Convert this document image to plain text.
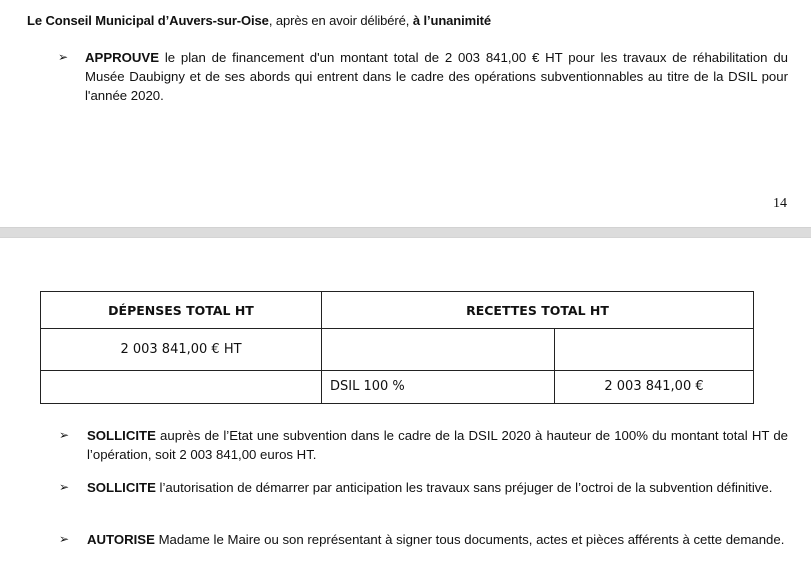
Le Conseil Municipal d’Auvers-sur-Oise, après en avoir délibéré, à l’unanimité
➢ APPROUVE le plan de financement d'un montant total de 2 003 841,00 € HT pour les travaux de réhabilitation du Musée Daubigny et de ses abords qui entrent dans le cadre des opérations subventionnables au titre de la DSIL pour l'année 2020.
14
DÉPENSES TOTAL HT	RECETTES TOTAL HT	
2 003 841,00 € HT		
	DSIL 100 %	2 003 841,00 €
➢ SOLLICITE auprès de l’Etat une subvention dans le cadre de la DSIL 2020 à hauteur de 100% du montant total HT de l’opération, soit 2 003 841,00 euros HT.
➢ SOLLICITE l’autorisation de démarrer par anticipation les travaux sans préjuger de l’octroi de la subvention définitive.
➢ AUTORISE Madame le Maire ou son représentant à signer tous documents, actes et pièces afférents à cette demande.
